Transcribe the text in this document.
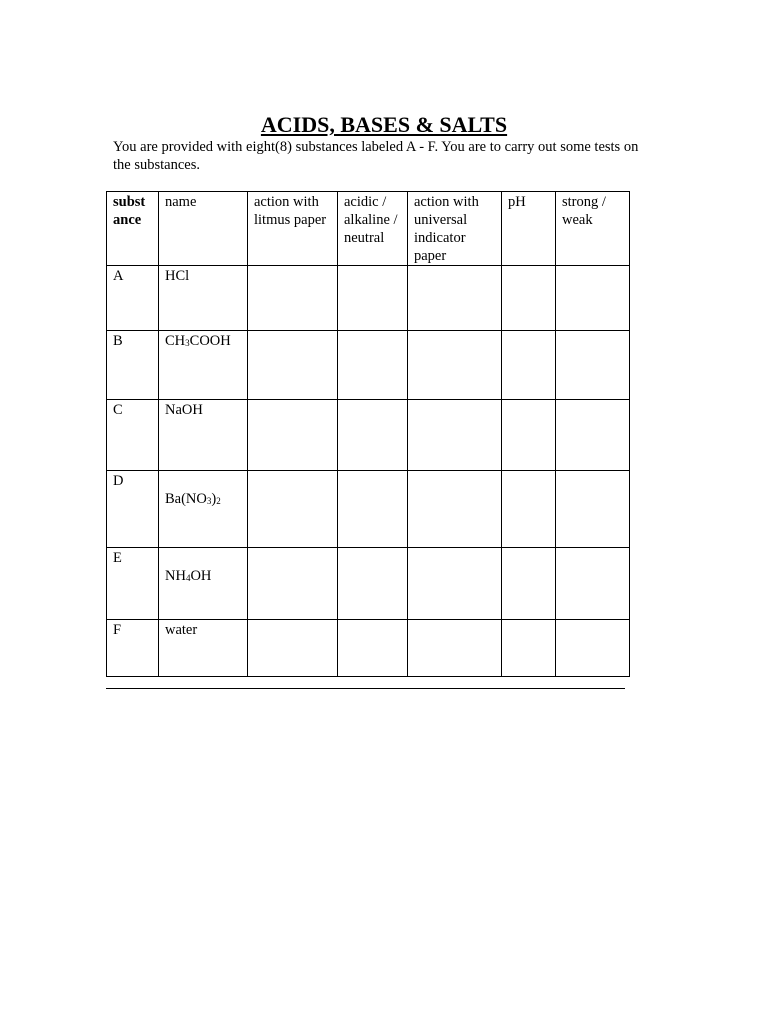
ACIDS, BASES & SALTS

You are provided with eight(8) substances labeled A - F. You are to carry out some tests on the substances.

subst ance	name	action with litmus paper	acidic / alkaline / neutral	action with universal indicator paper	pH	strong / weak
A	HCl					
B	$CH_3COOH$					
C	NaOH					
D	$Ba(NO_3)_2$					
E	$NH_4OH$					
F	water					
